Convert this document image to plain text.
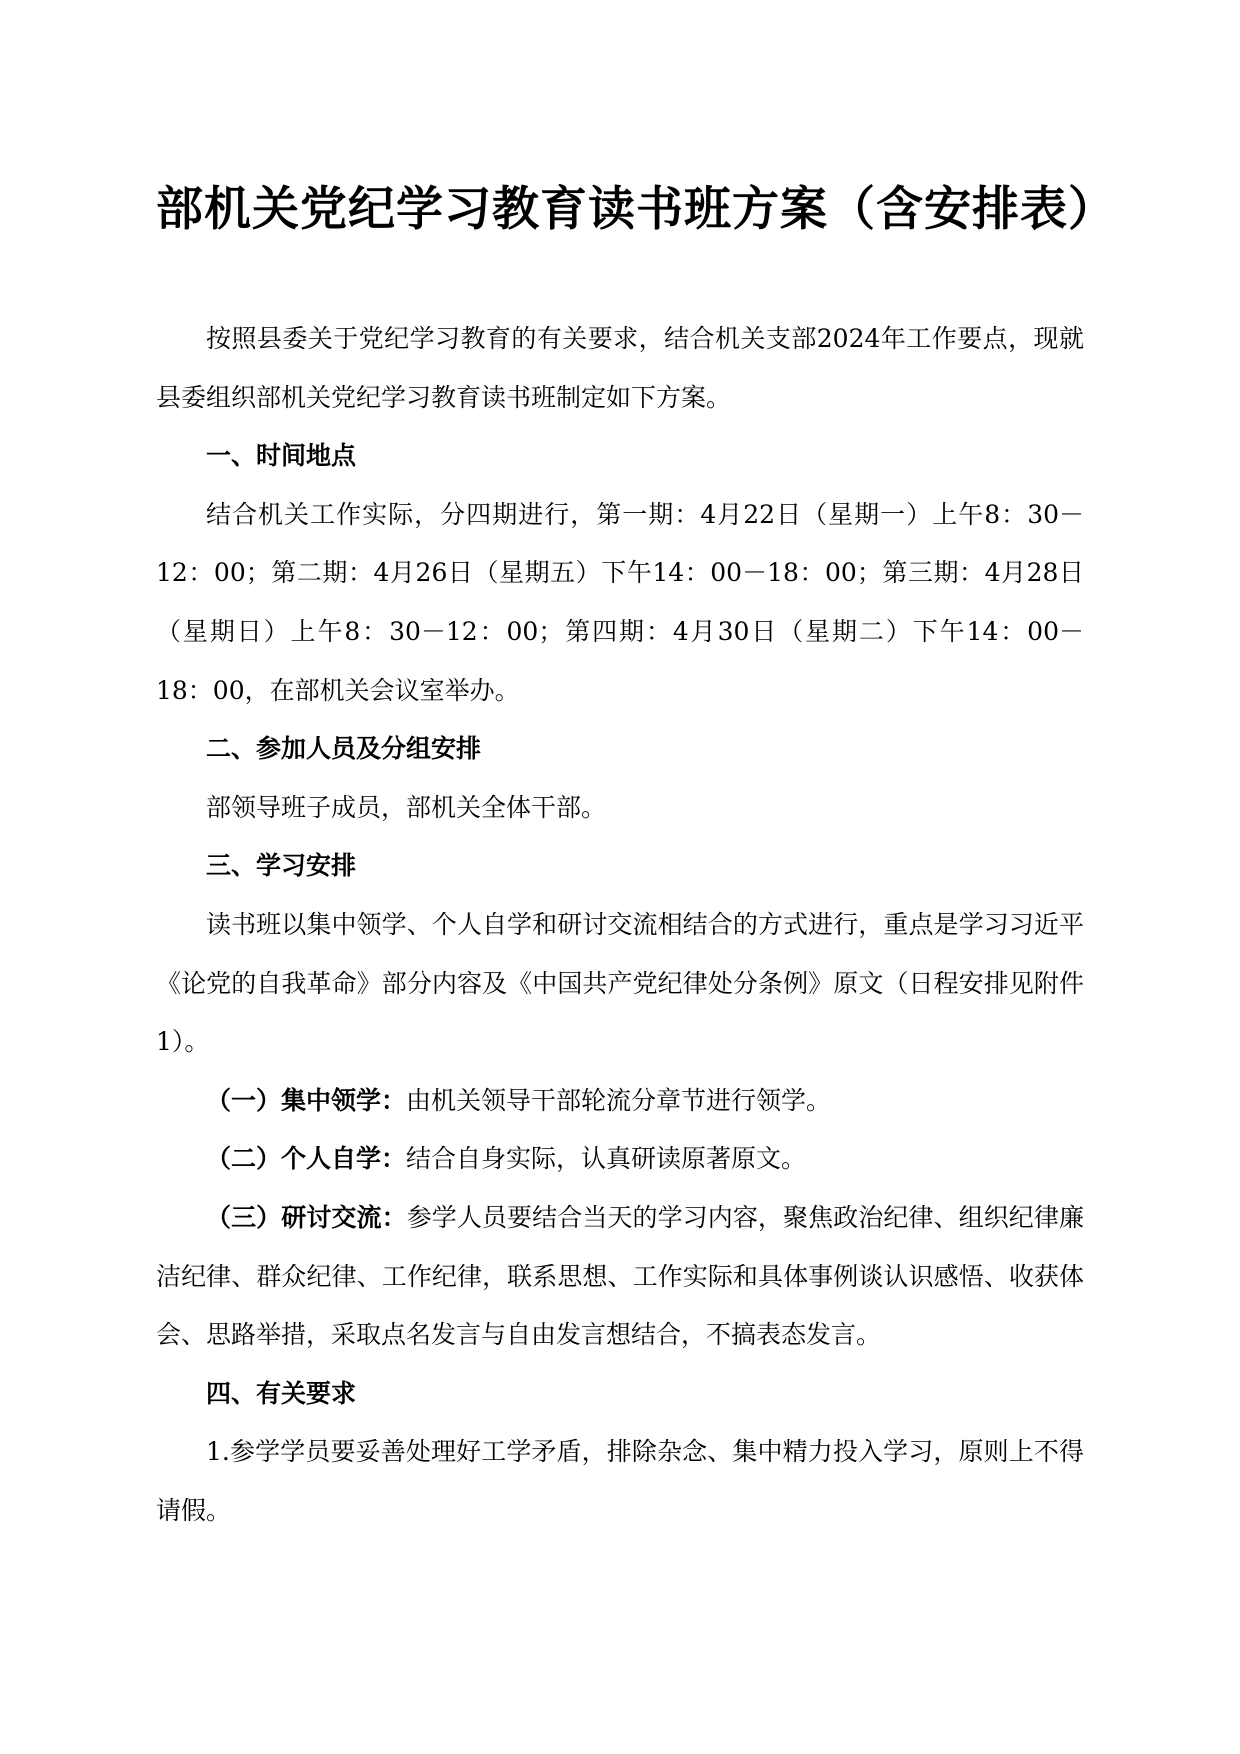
部机关党纪学习教育读书班方案（含安排表）

按照县委关于党纪学习教育的有关要求，结合机关支部2024年工作要点，现就县委组织部机关党纪学习教育读书班制定如下方案。

一、时间地点

结合机关工作实际，分四期进行，第一期：4月22日（星期一）上午8：30－12：00；第二期：4月26日（星期五）下午14：00－18：00；第三期：4月28日（星期日）上午8：30－12：00；第四期：4月30日（星期二）下午14：00－18：00，在部机关会议室举办。

二、参加人员及分组安排

部领导班子成员，部机关全体干部。

三、学习安排

读书班以集中领学、个人自学和研讨交流相结合的方式进行，重点是学习习近平《论党的自我革命》部分内容及《中国共产党纪律处分条例》原文（日程安排见附件1）。

（一）集中领学：由机关领导干部轮流分章节进行领学。

（二）个人自学：结合自身实际，认真研读原著原文。

（三）研讨交流：参学人员要结合当天的学习内容，聚焦政治纪律、组织纪律廉洁纪律、群众纪律、工作纪律，联系思想、工作实际和具体事例谈认识感悟、收获体会、思路举措，采取点名发言与自由发言想结合，不搞表态发言。

四、有关要求

1.参学学员要妥善处理好工学矛盾，排除杂念、集中精力投入学习，原则上不得请假。
